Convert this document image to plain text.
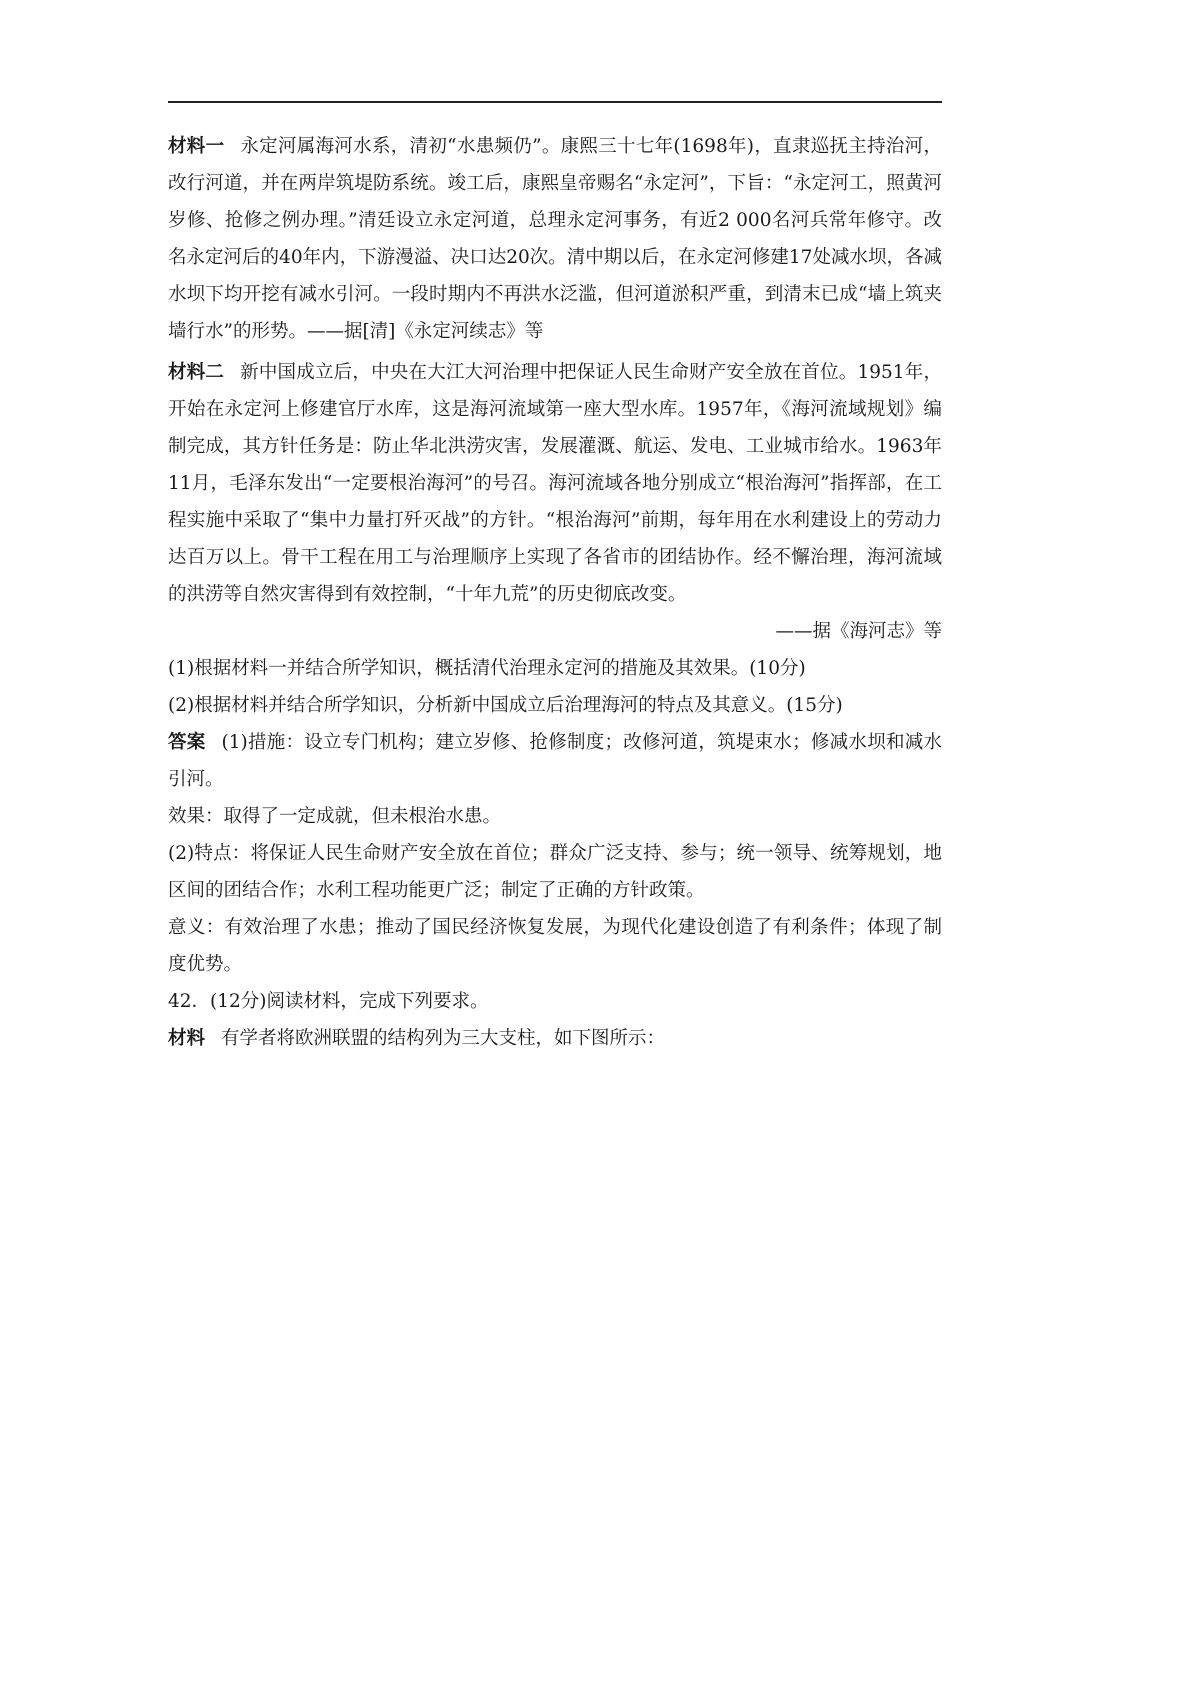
材料一 永定河属海河水系，清初“水患频仍”。康熙三十七年(1698年)，直隶巡抚主持治河，改行河道，并在两岸筑堤防系统。竣工后，康熙皇帝赐名“永定河”，下旨：“永定河工，照黄河岁修、抢修之例办理。”清廷设立永定河道，总理永定河事务，有近2 000名河兵常年修守。改名永定河后的40年内，下游漫溢、决口达20次。清中期以后，在永定河修建17处减水坝，各减水坝下均开挖有减水引河。一段时期内不再洪水泛滥，但河道淤积严重，到清末已成“墙上筑夹墙行水”的形势。——据[清]《永定河续志》等

材料二 新中国成立后，中央在大江大河治理中把保证人民生命财产安全放在首位。1951年，开始在永定河上修建官厅水库，这是海河流域第一座大型水库。1957年，《海河流域规划》编制完成，其方针任务是：防止华北洪涝灾害，发展灌溉、航运、发电、工业城市给水。1963年11月，毛泽东发出“一定要根治海河”的号召。海河流域各地分别成立“根治海河”指挥部，在工程实施中采取了“集中力量打歼灭战”的方针。“根治海河”前期，每年用在水利建设上的劳动力达百万以上。骨干工程在用工与治理顺序上实现了各省市的团结协作。经不懈治理，海河流域的洪涝等自然灾害得到有效控制，“十年九荒”的历史彻底改变。

——据《海河志》等

(1)根据材料一并结合所学知识，概括清代治理永定河的措施及其效果。(10分)

(2)根据材料并结合所学知识，分析新中国成立后治理海河的特点及其意义。(15分)

答案 (1)措施：设立专门机构；建立岁修、抢修制度；改修河道，筑堤束水；修减水坝和减水引河。

效果：取得了一定成就，但未根治水患。

(2)特点：将保证人民生命财产安全放在首位；群众广泛支持、参与；统一领导、统筹规划，地区间的团结合作；水利工程功能更广泛；制定了正确的方针政策。

意义：有效治理了水患；推动了国民经济恢复发展，为现代化建设创造了有利条件；体现了制度优势。

42．(12分)阅读材料，完成下列要求。

材料 有学者将欧洲联盟的结构列为三大支柱，如下图所示：
